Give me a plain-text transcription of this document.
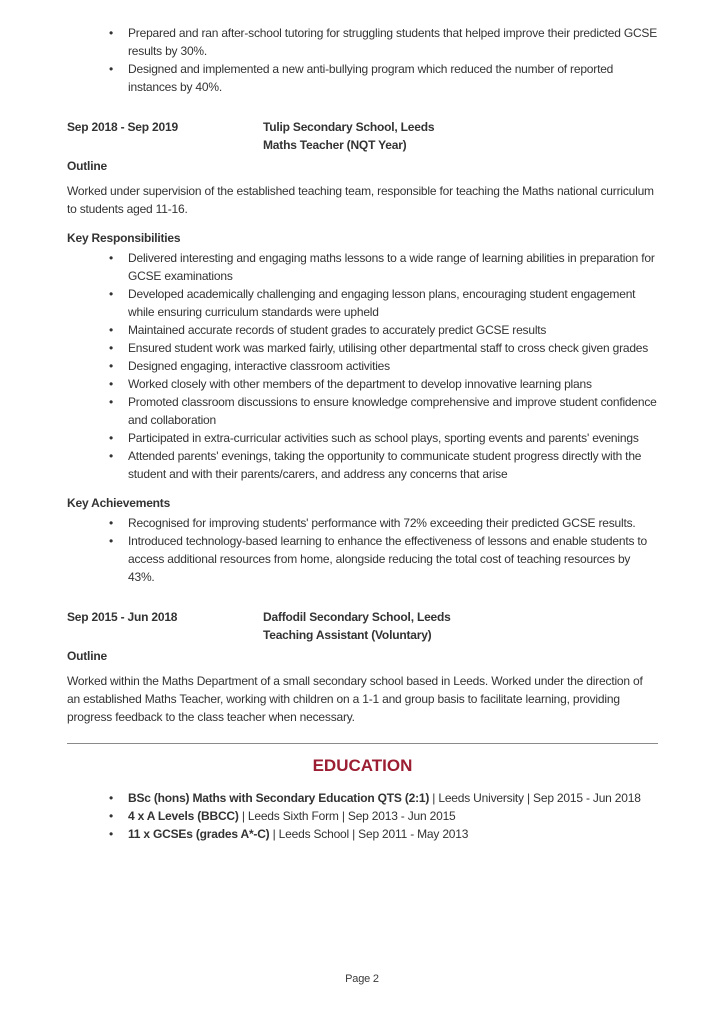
• Prepared and ran after-school tutoring for struggling students that helped improve their predicted GCSE results by 30%.
• Designed and implemented a new anti-bullying program which reduced the number of reported instances by 40%.
Sep 2018 - Sep 2019	Tulip Secondary School, Leeds
Maths Teacher (NQT Year)
Outline
Worked under supervision of the established teaching team, responsible for teaching the Maths national curriculum to students aged 11-16.
Key Responsibilities
• Delivered interesting and engaging maths lessons to a wide range of learning abilities in preparation for GCSE examinations
• Developed academically challenging and engaging lesson plans, encouraging student engagement while ensuring curriculum standards were upheld
• Maintained accurate records of student grades to accurately predict GCSE results
• Ensured student work was marked fairly, utilising other departmental staff to cross check given grades
• Designed engaging, interactive classroom activities
• Worked closely with other members of the department to develop innovative learning plans
• Promoted classroom discussions to ensure knowledge comprehensive and improve student confidence and collaboration
• Participated in extra-curricular activities such as school plays, sporting events and parents' evenings
• Attended parents' evenings, taking the opportunity to communicate student progress directly with the student and with their parents/carers, and address any concerns that arise
Key Achievements
• Recognised for improving students' performance with 72% exceeding their predicted GCSE results.
• Introduced technology-based learning to enhance the effectiveness of lessons and enable students to access additional resources from home, alongside reducing the total cost of teaching resources by 43%.
Sep 2015 - Jun 2018	Daffodil Secondary School, Leeds
Teaching Assistant (Voluntary)
Outline
Worked within the Maths Department of a small secondary school based in Leeds. Worked under the direction of an established Maths Teacher, working with children on a 1-1 and group basis to facilitate learning, providing progress feedback to the class teacher when necessary.
EDUCATION
• BSc (hons) Maths with Secondary Education QTS (2:1) | Leeds University | Sep 2015 - Jun 2018
• 4 x A Levels (BBCC) | Leeds Sixth Form | Sep 2013 - Jun 2015
• 11 x GCSEs (grades A*-C) | Leeds School | Sep 2011 - May 2013
Page 2
